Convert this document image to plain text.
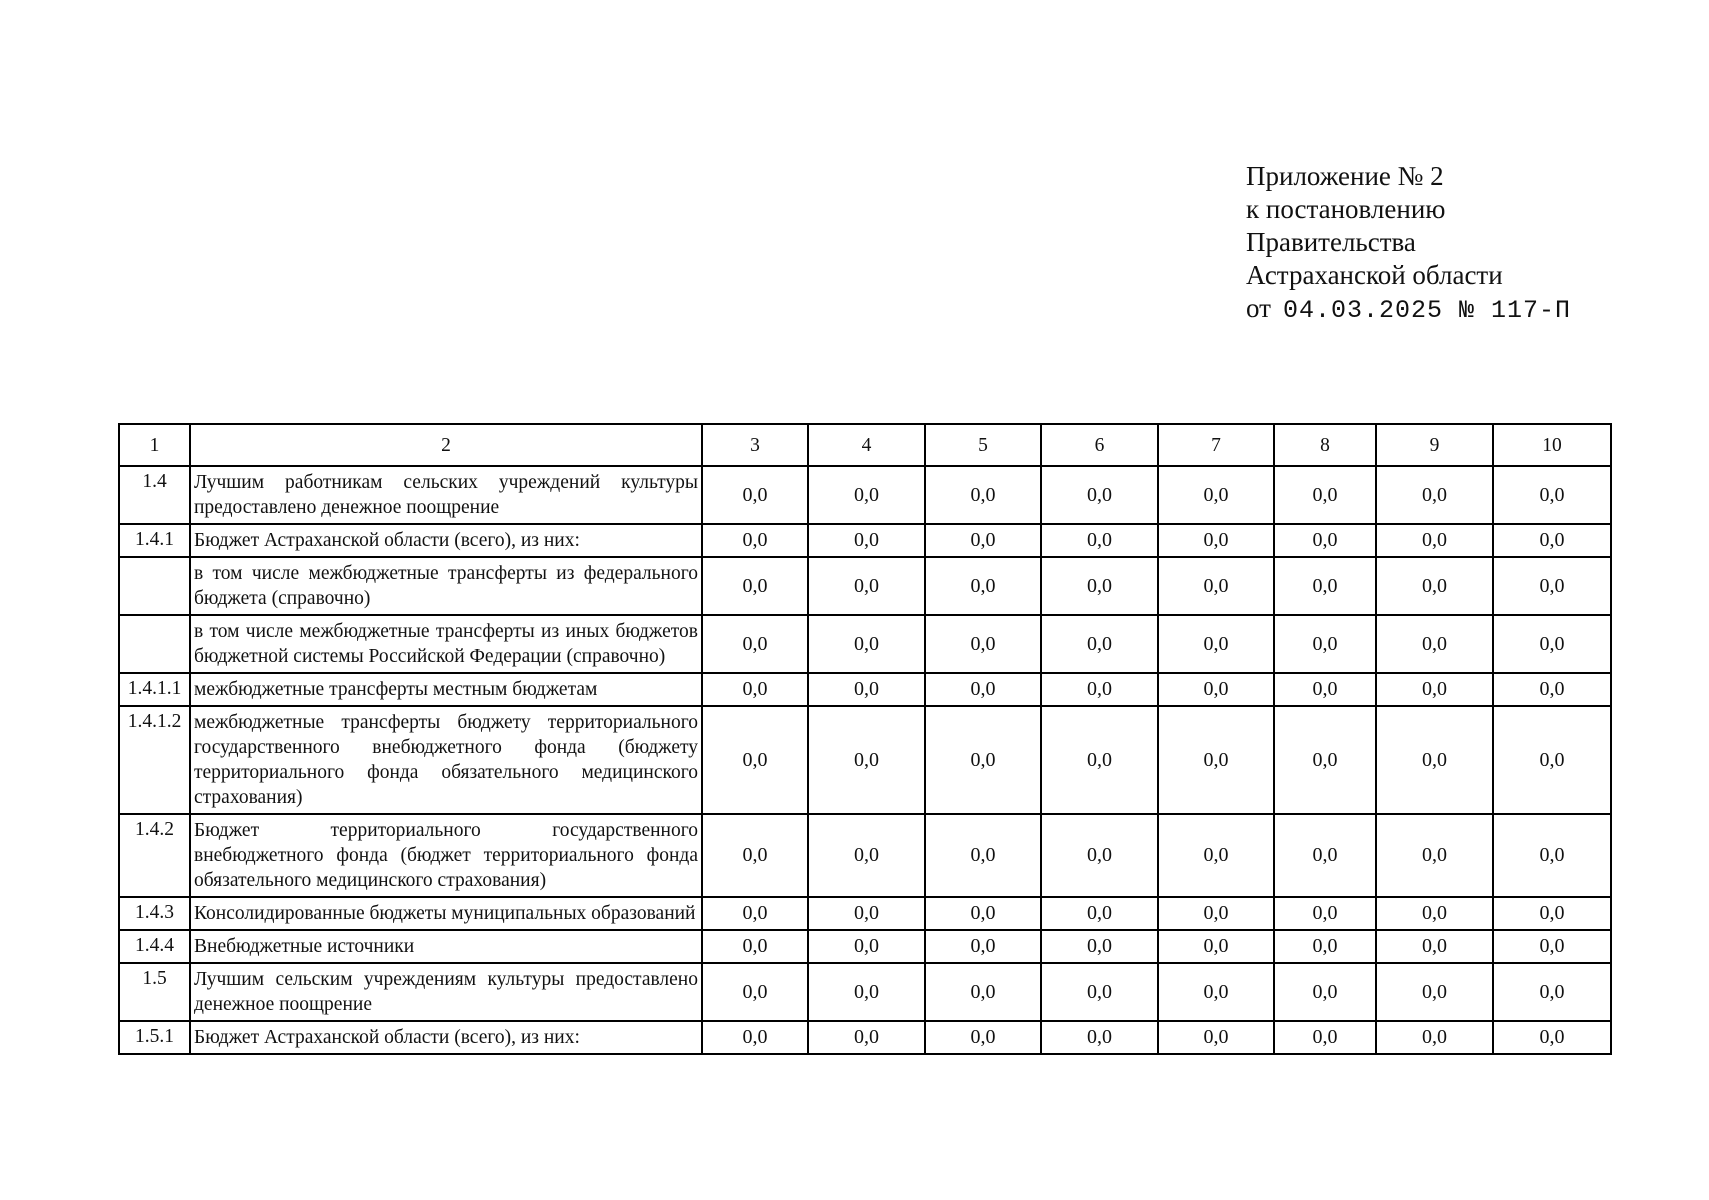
Приложение № 2
к постановлению
Правительства
Астраханской области
от 04.03.2025 № 117-П
1	2	3	4	5	6	7	8	9	10
1.4	Лучшим работникам сельских учреждений культуры предоставлено денежное поощрение	0,0	0,0	0,0	0,0	0,0	0,0	0,0	0,0
1.4.1	Бюджет Астраханской области (всего), из них:	0,0	0,0	0,0	0,0	0,0	0,0	0,0	0,0
	в том числе межбюджетные трансферты из федерального бюджета (справочно)	0,0	0,0	0,0	0,0	0,0	0,0	0,0	0,0
	в том числе межбюджетные трансферты из иных бюджетов бюджетной системы Российской Федерации (справочно)	0,0	0,0	0,0	0,0	0,0	0,0	0,0	0,0
1.4.1.1	межбюджетные трансферты местным бюджетам	0,0	0,0	0,0	0,0	0,0	0,0	0,0	0,0
1.4.1.2	межбюджетные трансферты бюджету территориального государственного внебюджетного фонда (бюджету территориального фонда обязательного медицинского страхования)	0,0	0,0	0,0	0,0	0,0	0,0	0,0	0,0
1.4.2	Бюджет территориального государственного внебюджетного фонда (бюджет территориального фонда обязательного медицинского страхования)	0,0	0,0	0,0	0,0	0,0	0,0	0,0	0,0
1.4.3	Консолидированные бюджеты муниципальных образований	0,0	0,0	0,0	0,0	0,0	0,0	0,0	0,0
1.4.4	Внебюджетные источники	0,0	0,0	0,0	0,0	0,0	0,0	0,0	0,0
1.5	Лучшим сельским учреждениям культуры предоставлено денежное поощрение	0,0	0,0	0,0	0,0	0,0	0,0	0,0	0,0
1.5.1	Бюджет Астраханской области (всего), из них:	0,0	0,0	0,0	0,0	0,0	0,0	0,0	0,0
